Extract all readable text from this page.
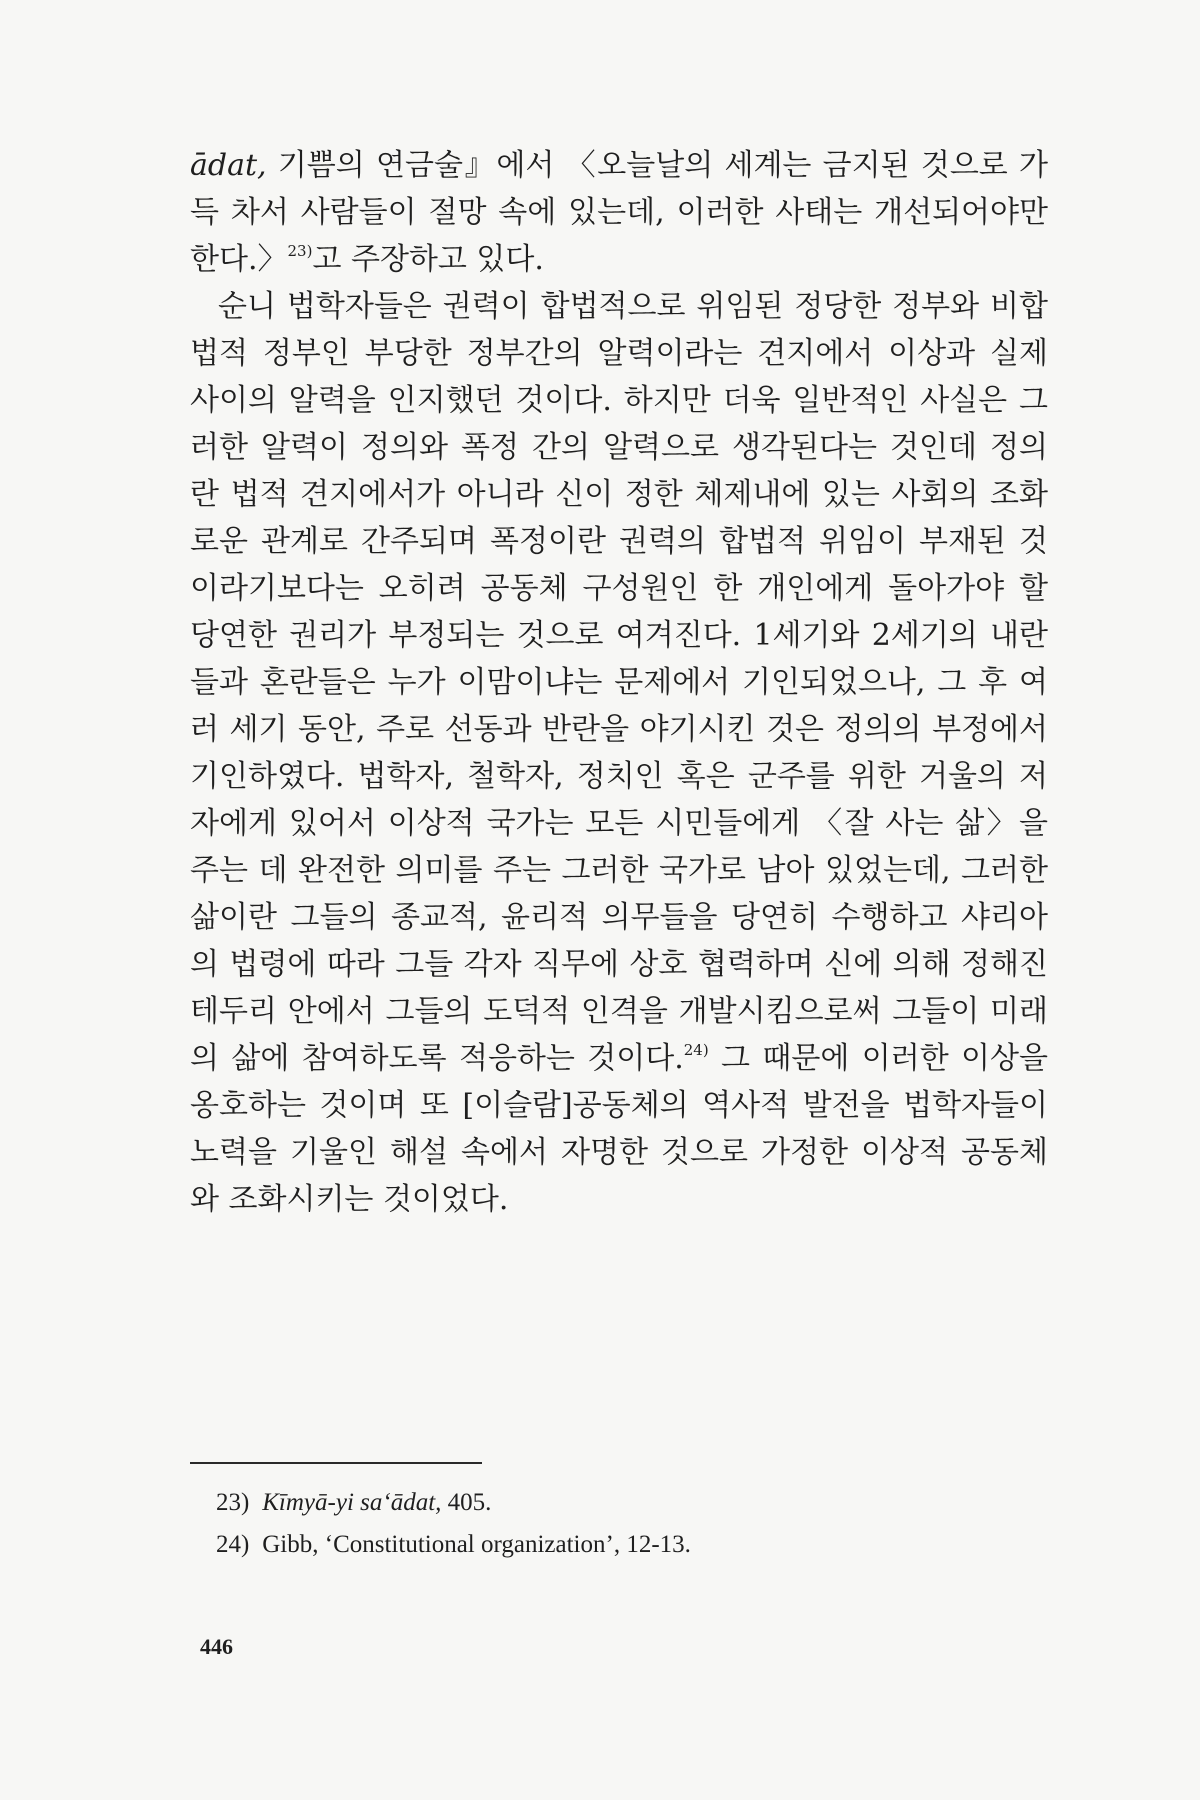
ādat, 기쁨의 연금술』에서 〈오늘날의 세계는 금지된 것으로 가득 차서 사람들이 절망 속에 있는데, 이러한 사태는 개선되어야만 한다.〉$^{23)}$고 주장하고 있다.

순니 법학자들은 권력이 합법적으로 위임된 정당한 정부와 비합법적 정부인 부당한 정부간의 알력이라는 견지에서 이상과 실제 사이의 알력을 인지했던 것이다. 하지만 더욱 일반적인 사실은 그러한 알력이 정의와 폭정 간의 알력으로 생각된다는 것인데 정의란 법적 견지에서가 아니라 신이 정한 체제내에 있는 사회의 조화로운 관계로 간주되며 폭정이란 권력의 합법적 위임이 부재된 것이라기보다는 오히려 공동체 구성원인 한 개인에게 돌아가야 할 당연한 권리가 부정되는 것으로 여겨진다. 1세기와 2세기의 내란들과 혼란들은 누가 이맘이냐는 문제에서 기인되었으나, 그 후 여러 세기 동안, 주로 선동과 반란을 야기시킨 것은 정의의 부정에서 기인하였다. 법학자, 철학자, 정치인 혹은 군주를 위한 거울의 저자에게 있어서 이상적 국가는 모든 시민들에게 〈잘 사는 삶〉을 주는 데 완전한 의미를 주는 그러한 국가로 남아 있었는데, 그러한 삶이란 그들의 종교적, 윤리적 의무들을 당연히 수행하고 샤리아의 법령에 따라 그들 각자 직무에 상호 협력하며 신에 의해 정해진 테두리 안에서 그들의 도덕적 인격을 개발시킴으로써 그들이 미래의 삶에 참여하도록 적응하는 것이다.$^{24)}$ 그 때문에 이러한 이상을 옹호하는 것이며 또 [이슬람]공동체의 역사적 발전을 법학자들이 노력을 기울인 해설 속에서 자명한 것으로 가정한 이상적 공동체와 조화시키는 것이었다.

23) Kīmyā-yi sa‘ādat, 405.
24) Gibb, ‘Constitutional organization’, 12-13.
446
